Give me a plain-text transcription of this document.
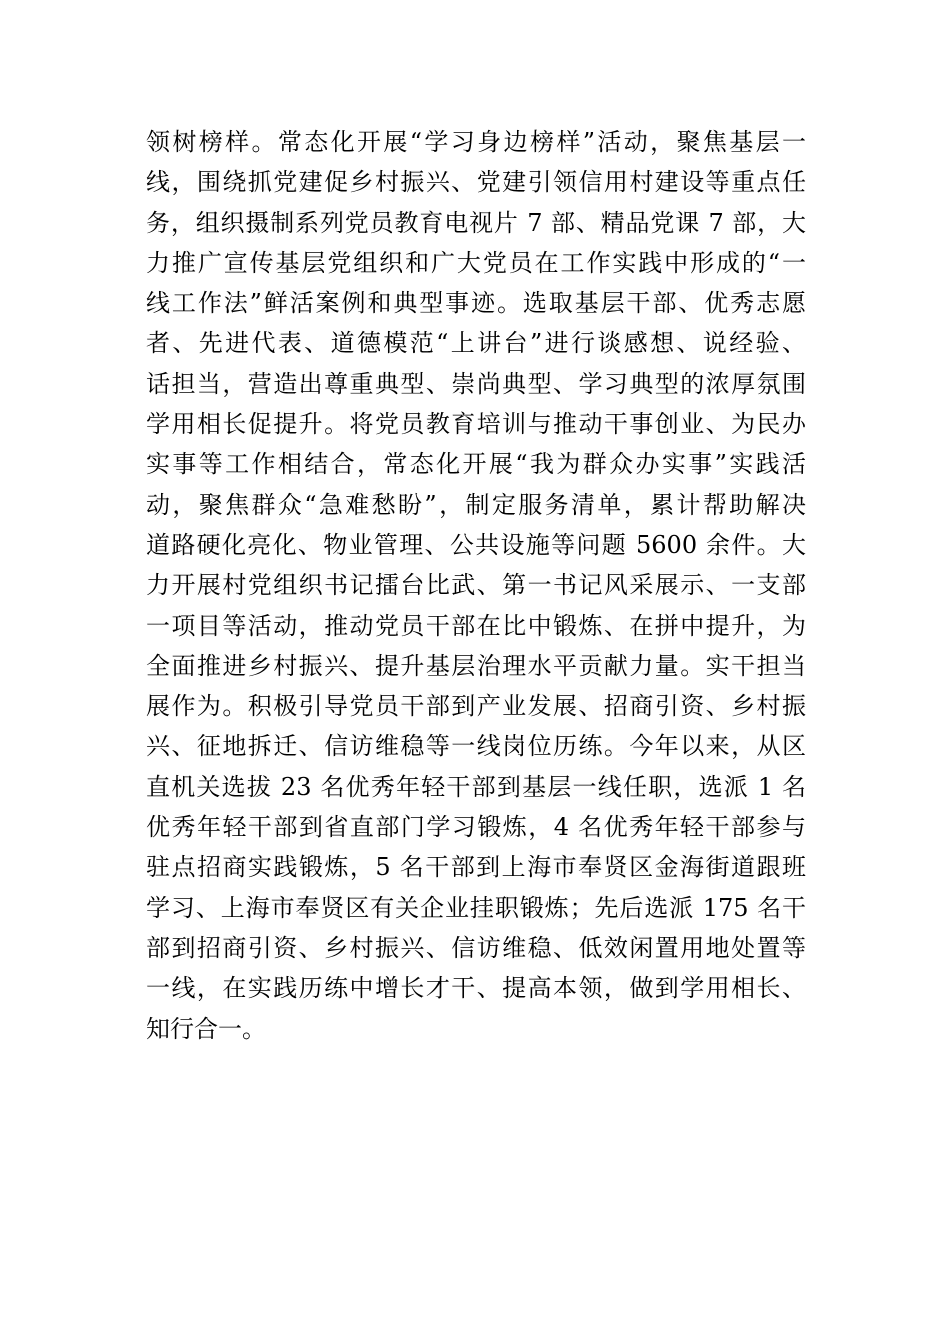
领树榜样。常态化开展“学习身边榜样”活动，聚焦基层一
线，围绕抓党建促乡村振兴、党建引领信用村建设等重点任
务，组织摄制系列党员教育电视片 7 部、精品党课 7 部，大
力推广宣传基层党组织和广大党员在工作实践中形成的“一
线工作法”鲜活案例和典型事迹。选取基层干部、优秀志愿
者、先进代表、道德模范“上讲台”进行谈感想、说经验、
话担当，营造出尊重典型、崇尚典型、学习典型的浓厚氛围
学用相长促提升。将党员教育培训与推动干事创业、为民办
实事等工作相结合，常态化开展“我为群众办实事”实践活
动，聚焦群众“急难愁盼”，制定服务清单，累计帮助解决
道路硬化亮化、物业管理、公共设施等问题 5600 余件。大
力开展村党组织书记擂台比武、第一书记风采展示、一支部
一项目等活动，推动党员干部在比中锻炼、在拼中提升，为
全面推进乡村振兴、提升基层治理水平贡献力量。实干担当
展作为。积极引导党员干部到产业发展、招商引资、乡村振
兴、征地拆迁、信访维稳等一线岗位历练。今年以来，从区
直机关选拔 23 名优秀年轻干部到基层一线任职，选派 1 名
优秀年轻干部到省直部门学习锻炼，4 名优秀年轻干部参与
驻点招商实践锻炼，5 名干部到上海市奉贤区金海街道跟班
学习、上海市奉贤区有关企业挂职锻炼；先后选派 175 名干
部到招商引资、乡村振兴、信访维稳、低效闲置用地处置等
一线，在实践历练中增长才干、提高本领，做到学用相长、
知行合一。
